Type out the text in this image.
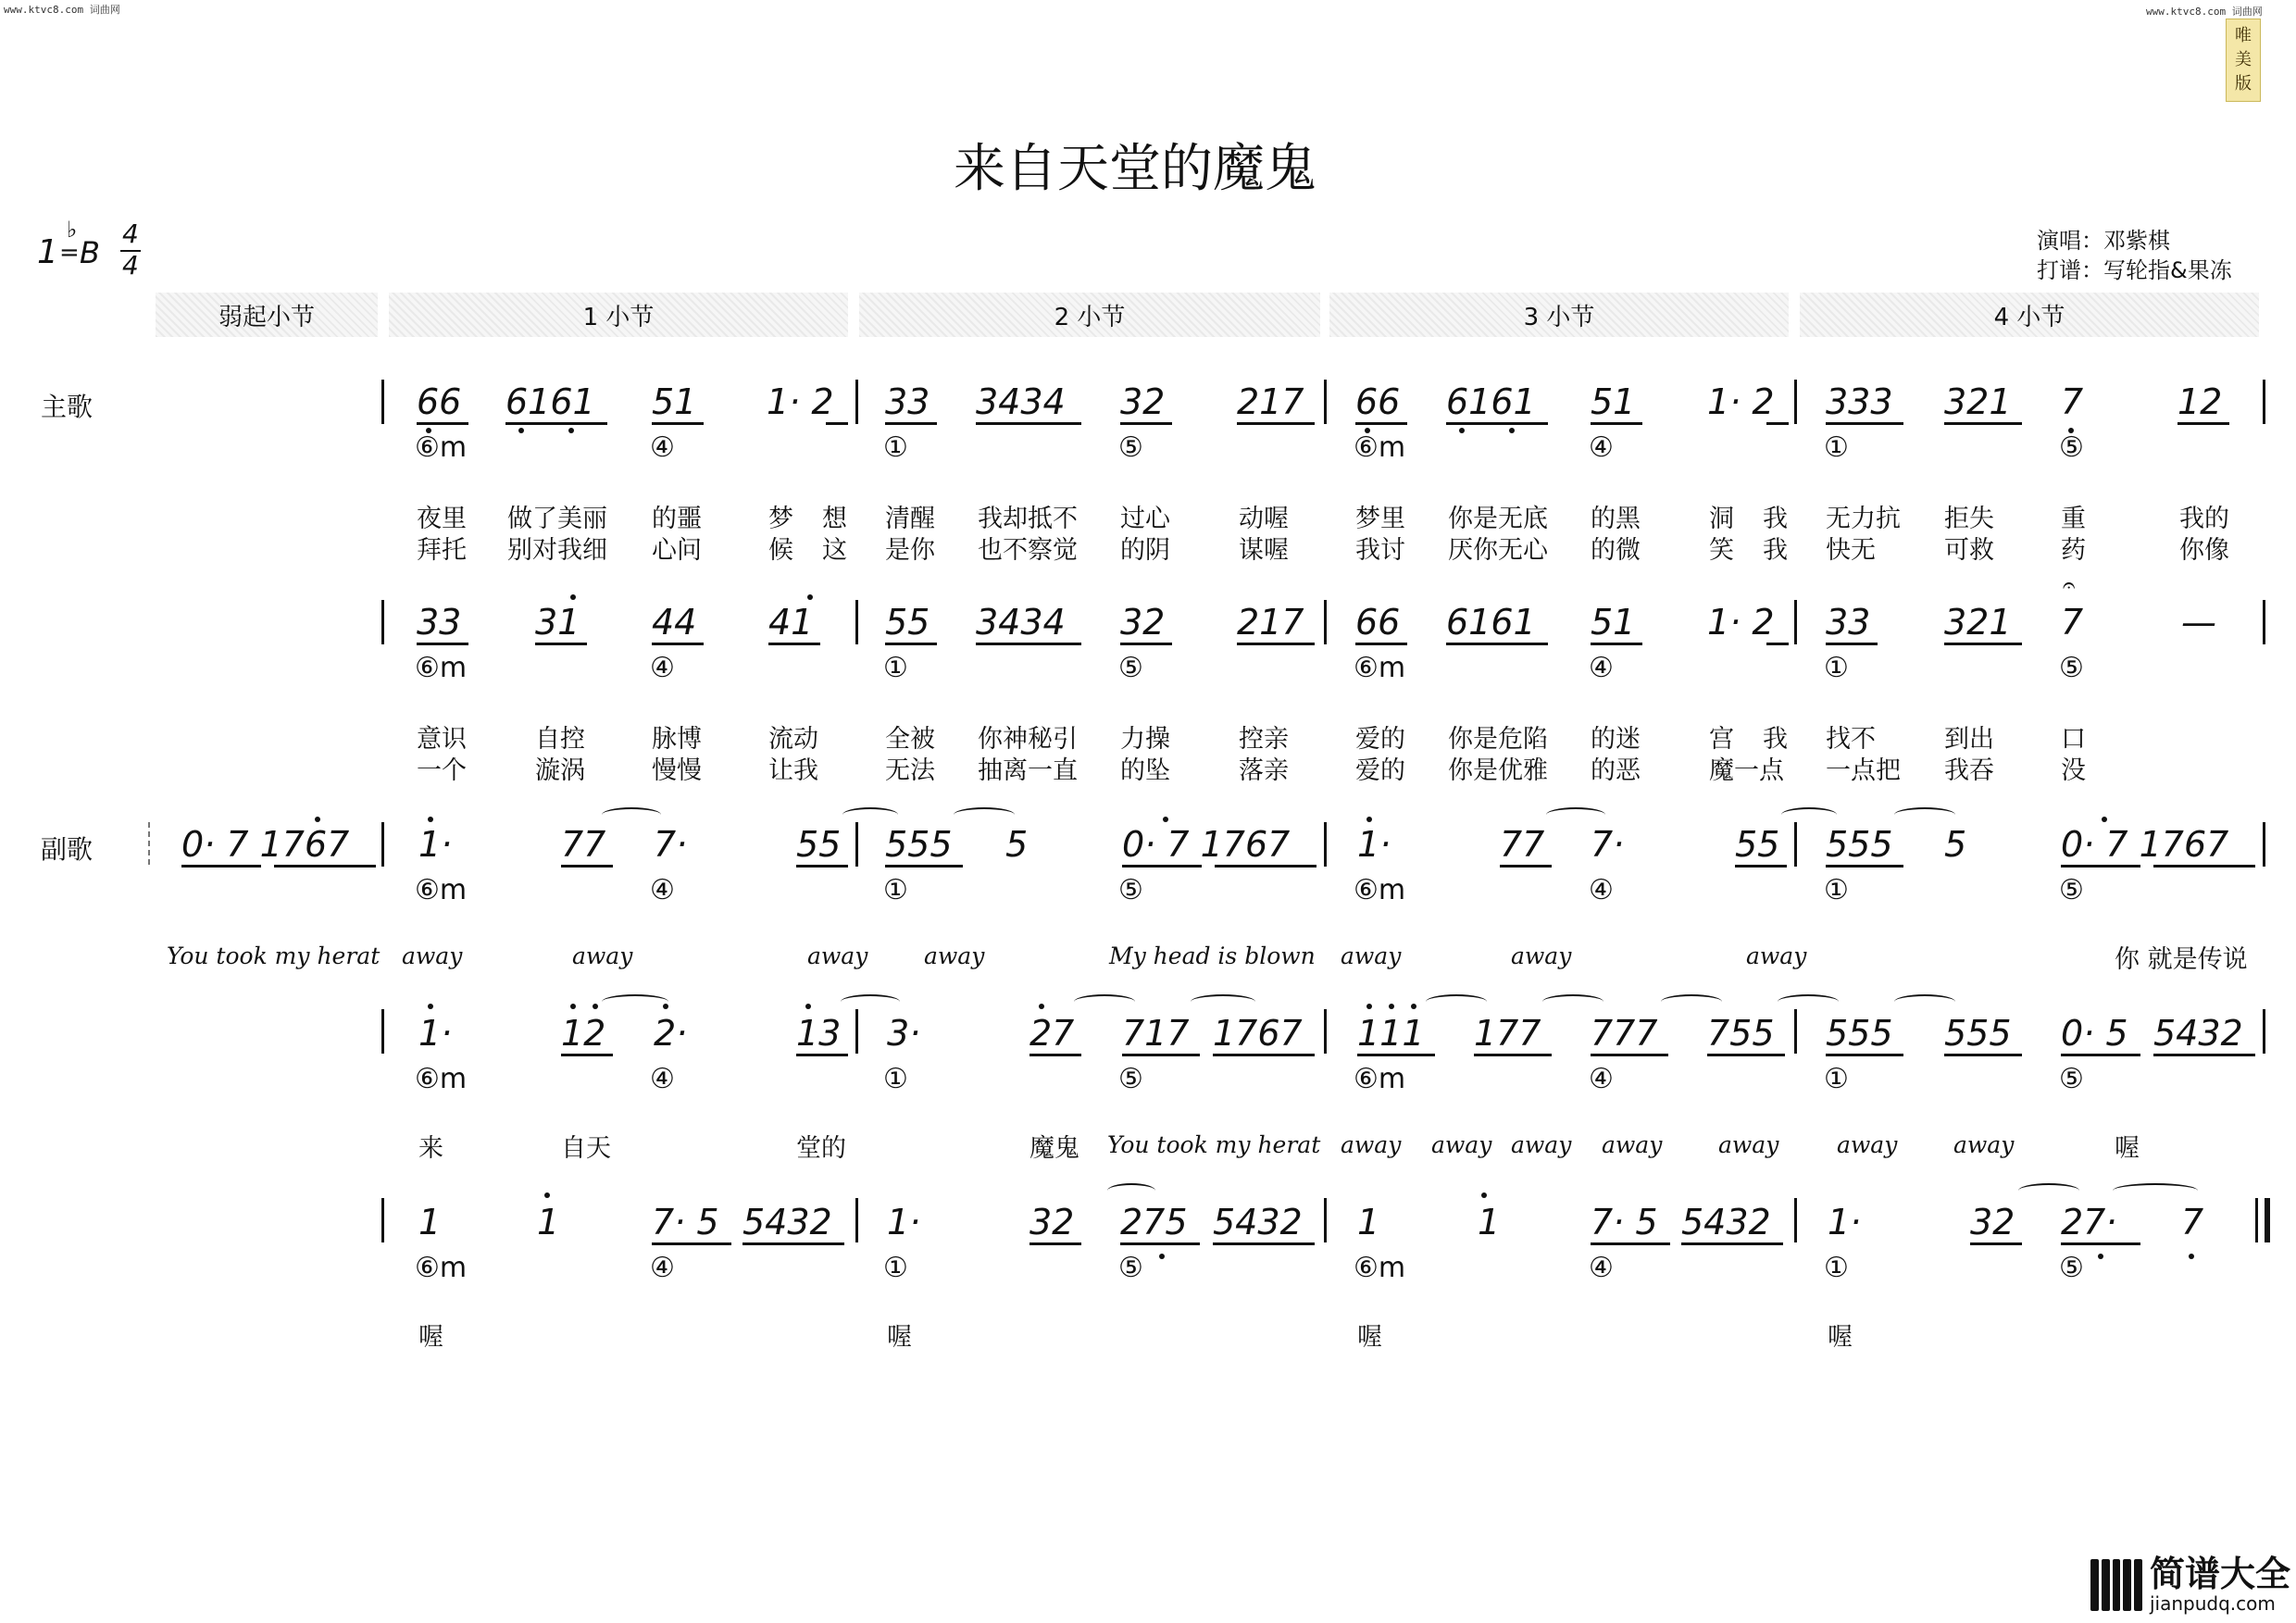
www.ktvc8.com 词曲网	www.ktvc8.com 词曲网
唯
美
版
来自天堂的魔鬼
1 =
♭
B
4
4
演唱：邓紫棋
打谱：写轮指&果冻
弱起小节	1 小节	2 小节	3 小节	4 小节
主歌
副歌
66 6161 51 1· 2 33 3434 32 217 66 6161 51 1· 2 333 321 7	12
⑥m	④	①	⑤	⑥m	④	①	⑤
夜里 做了美丽 的噩	梦 想 清醒 我却抵不 过心	动喔	梦里 你是无底 的黑	洞 我 无力抗 拒失	重	我的
拜托 别对我细 心问	候 这 是你 也不察觉 的阴	谋喔	我讨 厌你无心 的微	笑 我 快无	可救	药	你像
𝄐
33 31 44 41 55 3434 32 217 66 6161 51 1· 2 33 321 7	—
⑥m	④	①	⑤	⑥m	④	①	⑤
意识	自控	脉博	流动	全被 你神秘引 力操	控亲	爱的 你是危陷 的迷	宫 我 找不	到出	口
一个	漩涡	慢慢	让我	无法 抽离一直 的坠	落亲	爱的 你是优雅 的恶	魔一点 一点把 我吞	没
0· 7 1767 1·	77 7·	55 555 5	0· 7 1767 1·	77 7·	55 555 5	0· 7 1767
⑥m	④	①	⑤	⑥m	④	①	⑤
You took my herat away	away	away away	My head is blown away	away	away	你 就是传说
1·	12 2·	13 3·	27 717 1767 111 177 777 755 555 555 0· 5 5432
⑥m	④	①	⑤	⑥m	④	①	⑤
来	自天	堂的	魔鬼 You took my herat away away away away away	away away	喔
1	1	7· 5 5432 1·	32 275 5432 1	1	7· 5 5432 1·	32 27· 7
⑥m	④	①	⑤	⑥m	④	①	⑤
喔	喔	喔	喔
简谱大全
jianpudq.com
